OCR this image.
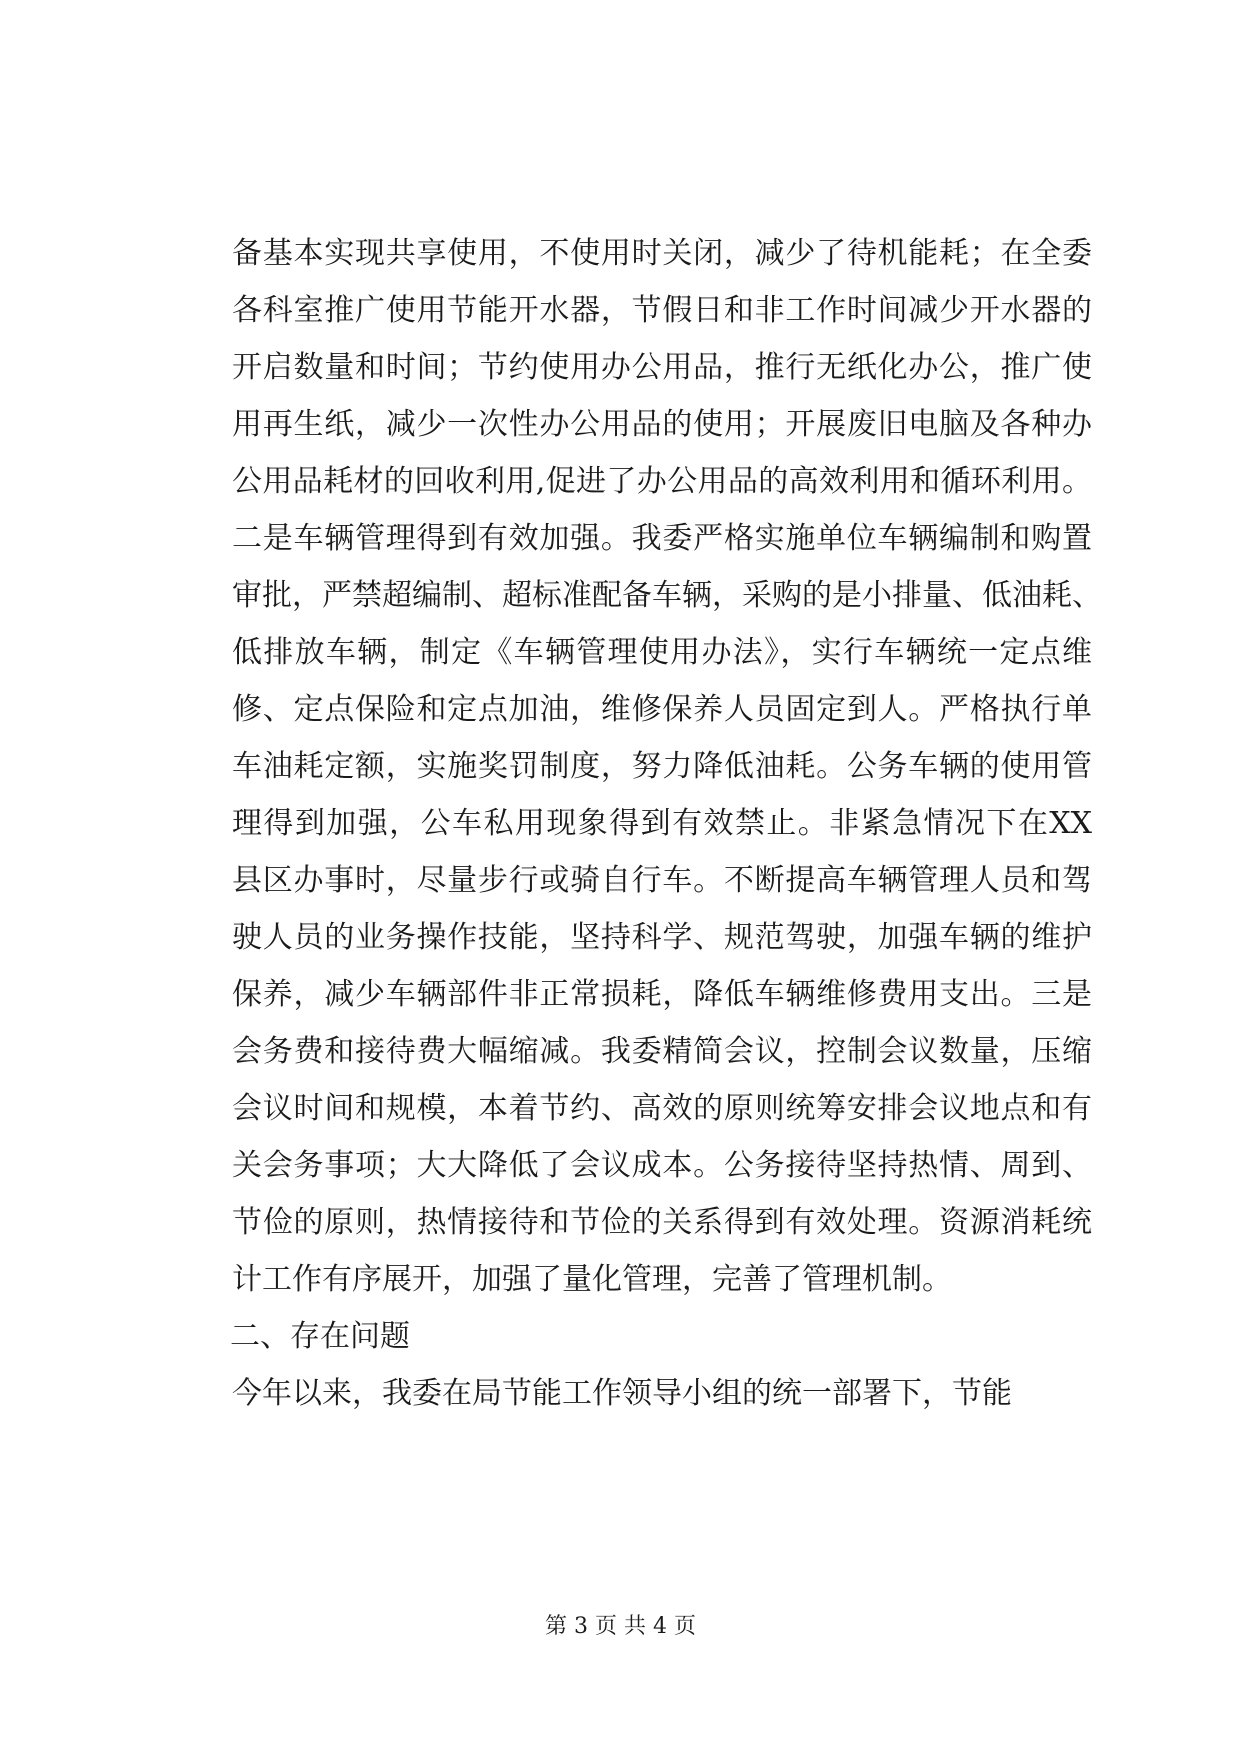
备基本实现共享使用，不使用时关闭，减少了待机能耗；在全委
各科室推广使用节能开水器，节假日和非工作时间减少开水器的
开启数量和时间；节约使用办公用品，推行无纸化办公，推广使
用再生纸，减少一次性办公用品的使用；开展废旧电脑及各种办
公用品耗材的回收利用,促进了办公用品的高效利用和循环利用。
二是车辆管理得到有效加强。我委严格实施单位车辆编制和购置
审批，严禁超编制、超标准配备车辆，采购的是小排量、低油耗、
低排放车辆，制定《车辆管理使用办法》，实行车辆统一定点维
修、定点保险和定点加油，维修保养人员固定到人。严格执行单
车油耗定额，实施奖罚制度，努力降低油耗。公务车辆的使用管
理得到加强，公车私用现象得到有效禁止。非紧急情况下在XX
县区办事时，尽量步行或骑自行车。不断提高车辆管理人员和驾
驶人员的业务操作技能，坚持科学、规范驾驶，加强车辆的维护
保养，减少车辆部件非正常损耗，降低车辆维修费用支出。三是
会务费和接待费大幅缩减。我委精简会议，控制会议数量，压缩
会议时间和规模，本着节约、高效的原则统筹安排会议地点和有
关会务事项；大大降低了会议成本。公务接待坚持热情、周到、
节俭的原则，热情接待和节俭的关系得到有效处理。资源消耗统
计工作有序展开，加强了量化管理，完善了管理机制。
二、存在问题
今年以来，我委在局节能工作领导小组的统一部署下，节能
第 3 页 共 4 页
